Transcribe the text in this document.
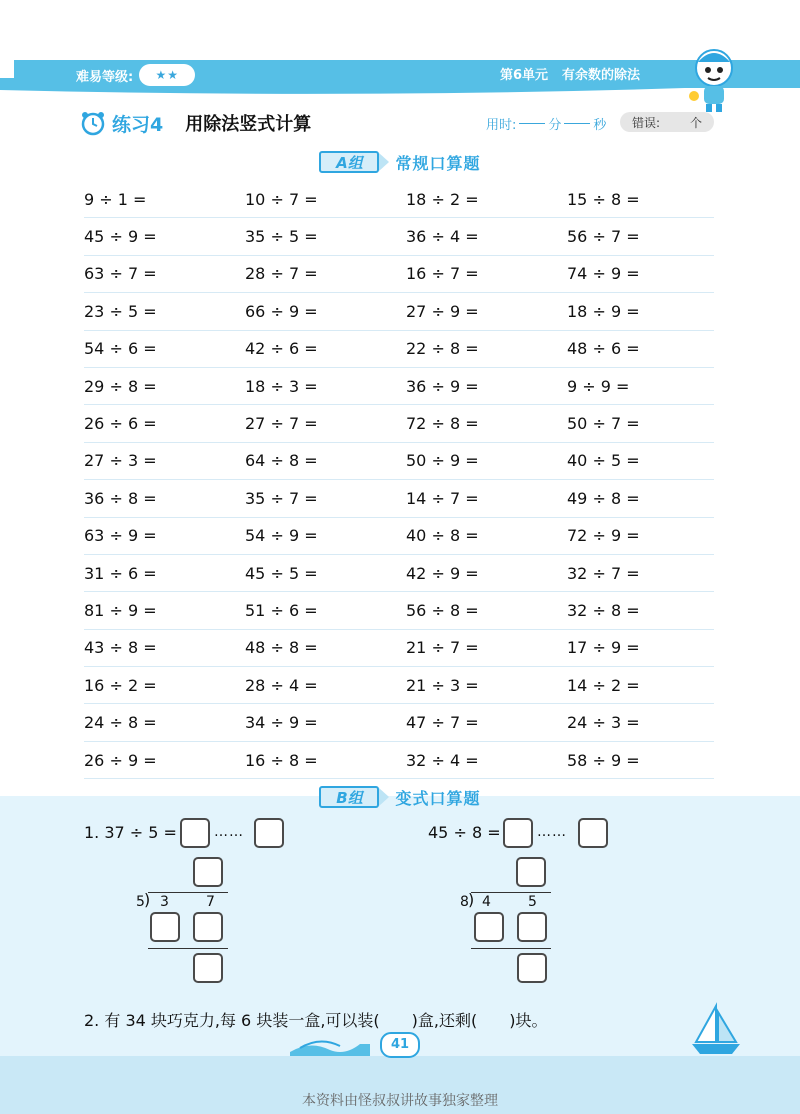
难易等级: ★★	第6单元 有余数的除法
练习4 用除法竖式计算	用时: 分 秒 错误: 个
A组	常规口算题
9 ÷ 1 =	10 ÷ 7 =	18 ÷ 2 =	15 ÷ 8 =
45 ÷ 9 =	35 ÷ 5 =	36 ÷ 4 =	56 ÷ 7 =
63 ÷ 7 =	28 ÷ 7 =	16 ÷ 7 =	74 ÷ 9 =
23 ÷ 5 =	66 ÷ 9 =	27 ÷ 9 =	18 ÷ 9 =
54 ÷ 6 =	42 ÷ 6 =	22 ÷ 8 =	48 ÷ 6 =
29 ÷ 8 =	18 ÷ 3 =	36 ÷ 9 =	9 ÷ 9 =
26 ÷ 6 =	27 ÷ 7 =	72 ÷ 8 =	50 ÷ 7 =
27 ÷ 3 =	64 ÷ 8 =	50 ÷ 9 =	40 ÷ 5 =
36 ÷ 8 =	35 ÷ 7 =	14 ÷ 7 =	49 ÷ 8 =
63 ÷ 9 =	54 ÷ 9 =	40 ÷ 8 =	72 ÷ 9 =
31 ÷ 6 =	45 ÷ 5 =	42 ÷ 9 =	32 ÷ 7 =
81 ÷ 9 =	51 ÷ 6 =	56 ÷ 8 =	32 ÷ 8 =
43 ÷ 8 =	48 ÷ 8 =	21 ÷ 7 =	17 ÷ 9 =
16 ÷ 2 =	28 ÷ 4 =	21 ÷ 3 =	14 ÷ 2 =
24 ÷ 8 =	34 ÷ 9 =	47 ÷ 7 =	24 ÷ 3 =
26 ÷ 9 =	16 ÷ 8 =	32 ÷ 4 =	58 ÷ 9 =
B组	变式口算题
1. 37 ÷ 5 =	……
5 ) 3	7
45 ÷ 8 =	……
8 ) 4	5
2. 有 34 块巧克力,每 6 块装一盒,可以装(　　)盒,还剩(　　)块。
41
本资料由怪叔叔讲故事独家整理
